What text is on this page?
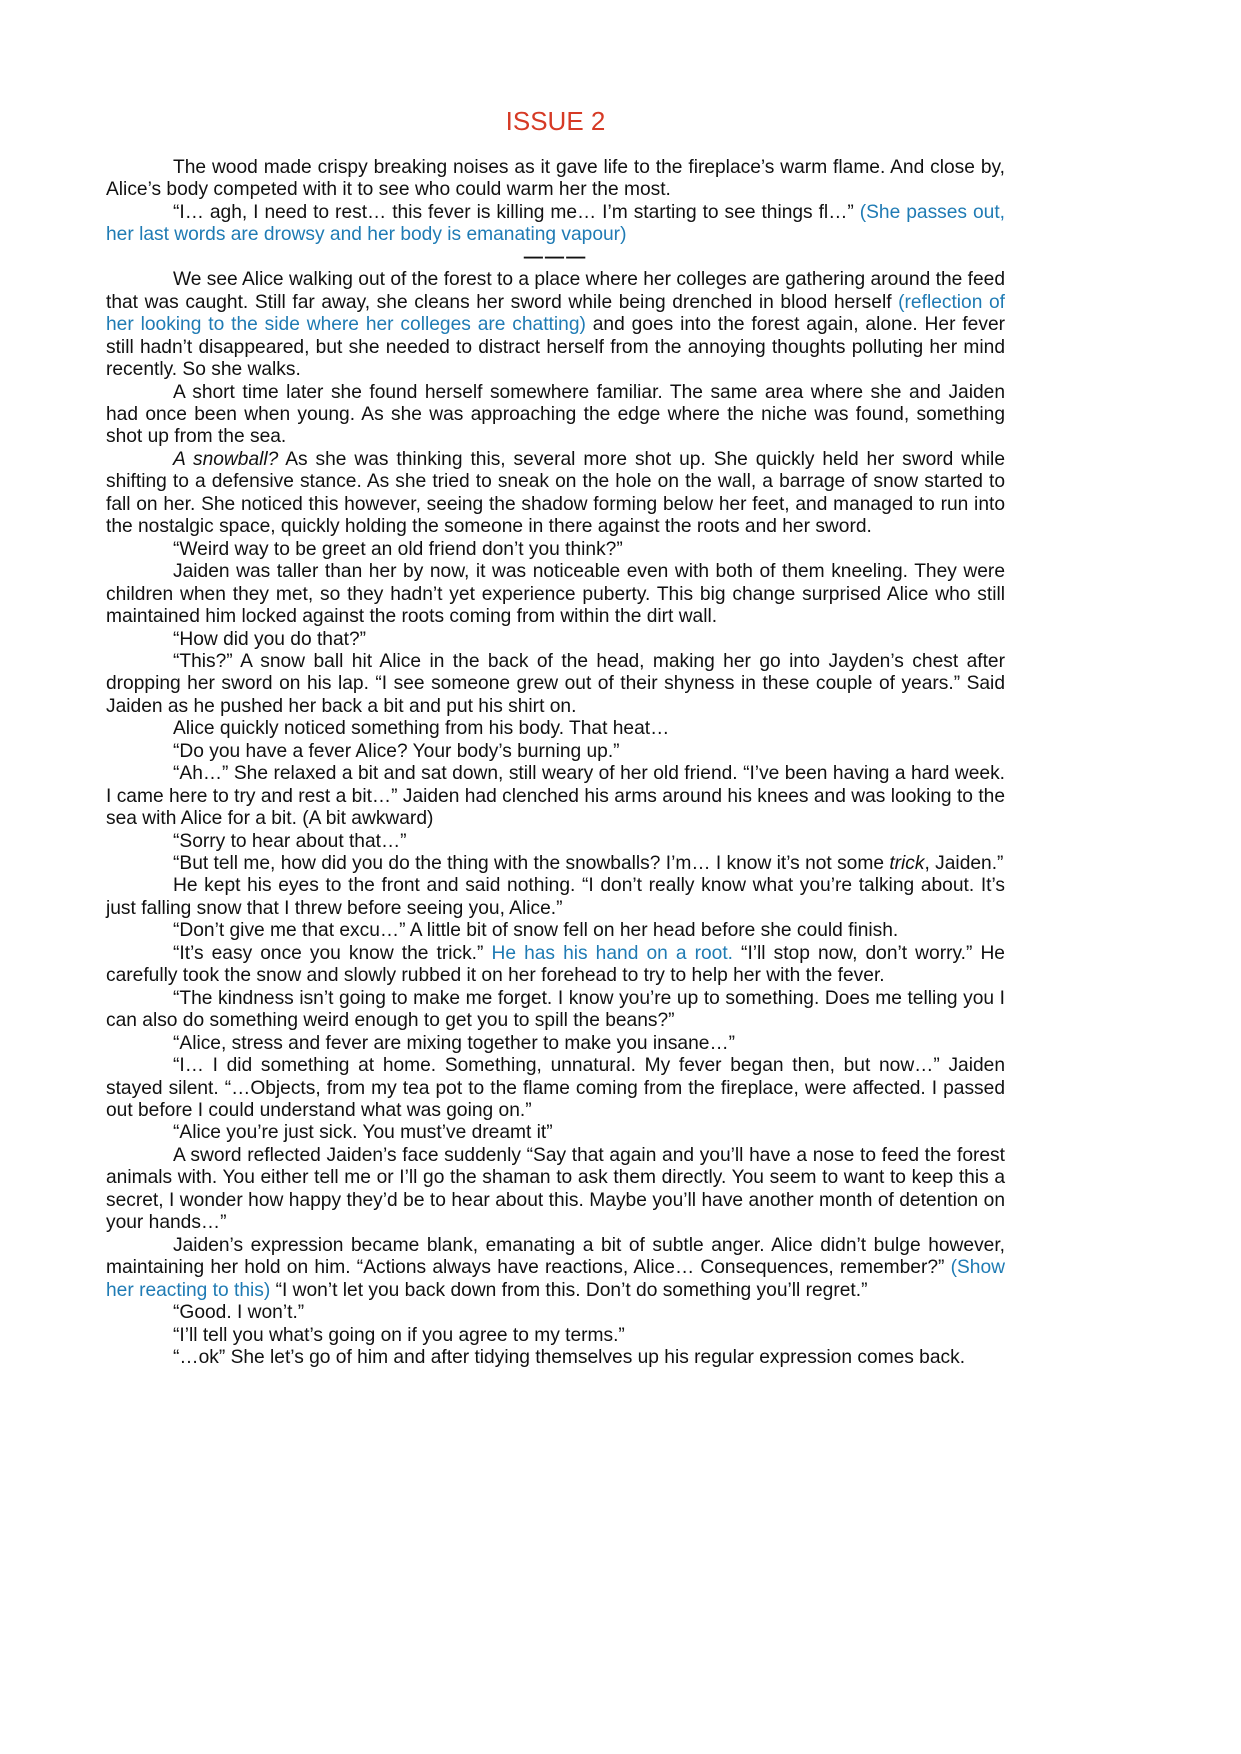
ISSUE 2

The wood made crispy breaking noises as it gave life to the fireplace’s warm flame. And close by, Alice’s body competed with it to see who could warm her the most.

“I… agh, I need to rest… this fever is killing me… I’m starting to see things fl…” (She passes out, her last words are drowsy and her body is emanating vapour)

———

We see Alice walking out of the forest to a place where her colleges are gathering around the feed that was caught. Still far away, she cleans her sword while being drenched in blood herself (reflection of her looking to the side where her colleges are chatting) and goes into the forest again, alone. Her fever still hadn’t disappeared, but she needed to distract herself from the annoying thoughts polluting her mind recently. So she walks.

A short time later she found herself somewhere familiar. The same area where she and Jaiden had once been when young. As she was approaching the edge where the niche was found, something shot up from the sea.

A snowball? As she was thinking this, several more shot up. She quickly held her sword while shifting to a defensive stance. As she tried to sneak on the hole on the wall, a barrage of snow started to fall on her. She noticed this however, seeing the shadow forming below her feet, and managed to run into the nostalgic space, quickly holding the someone in there against the roots and her sword.

“Weird way to be greet an old friend don’t you think?”

Jaiden was taller than her by now, it was noticeable even with both of them kneeling. They were children when they met, so they hadn’t yet experience puberty. This big change surprised Alice who still maintained him locked against the roots coming from within the dirt wall.

“How did you do that?”

“This?” A snow ball hit Alice in the back of the head, making her go into Jayden’s chest after dropping her sword on his lap. “I see someone grew out of their shyness in these couple of years.” Said Jaiden as he pushed her back a bit and put his shirt on.

Alice quickly noticed something from his body. That heat…

“Do you have a fever Alice? Your body’s burning up.”

“Ah…” She relaxed a bit and sat down, still weary of her old friend. “I’ve been having a hard week. I came here to try and rest a bit…” Jaiden had clenched his arms around his knees and was looking to the sea with Alice for a bit. (A bit awkward)

“Sorry to hear about that…”

“But tell me, how did you do the thing with the snowballs? I’m… I know it’s not some trick, Jaiden.”

He kept his eyes to the front and said nothing. “I don’t really know what you’re talking about. It’s just falling snow that I threw before seeing you, Alice.”

“Don’t give me that excu…” A little bit of snow fell on her head before she could finish.

“It’s easy once you know the trick.” He has his hand on a root. “I’ll stop now, don’t worry.” He carefully took the snow and slowly rubbed it on her forehead to try to help her with the fever.

“The kindness isn’t going to make me forget. I know you’re up to something. Does me telling you I can also do something weird enough to get you to spill the beans?”

“Alice, stress and fever are mixing together to make you insane…”

“I… I did something at home. Something, unnatural. My fever began then, but now…” Jaiden stayed silent. “…Objects, from my tea pot to the flame coming from the fireplace, were affected. I passed out before I could understand what was going on.”

“Alice you’re just sick. You must’ve dreamt it”

A sword reflected Jaiden’s face suddenly “Say that again and you’ll have a nose to feed the forest animals with. You either tell me or I’ll go the shaman to ask them directly. You seem to want to keep this a secret, I wonder how happy they’d be to hear about this. Maybe you’ll have another month of detention on your hands…”

Jaiden’s expression became blank, emanating a bit of subtle anger. Alice didn’t bulge however, maintaining her hold on him. “Actions always have reactions, Alice… Consequences, remember?” (Show her reacting to this) “I won’t let you back down from this. Don’t do something you’ll regret.”

“Good. I won’t.”

“I’ll tell you what’s going on if you agree to my terms.”

“…ok” She let’s go of him and after tidying themselves up his regular expression comes back.
